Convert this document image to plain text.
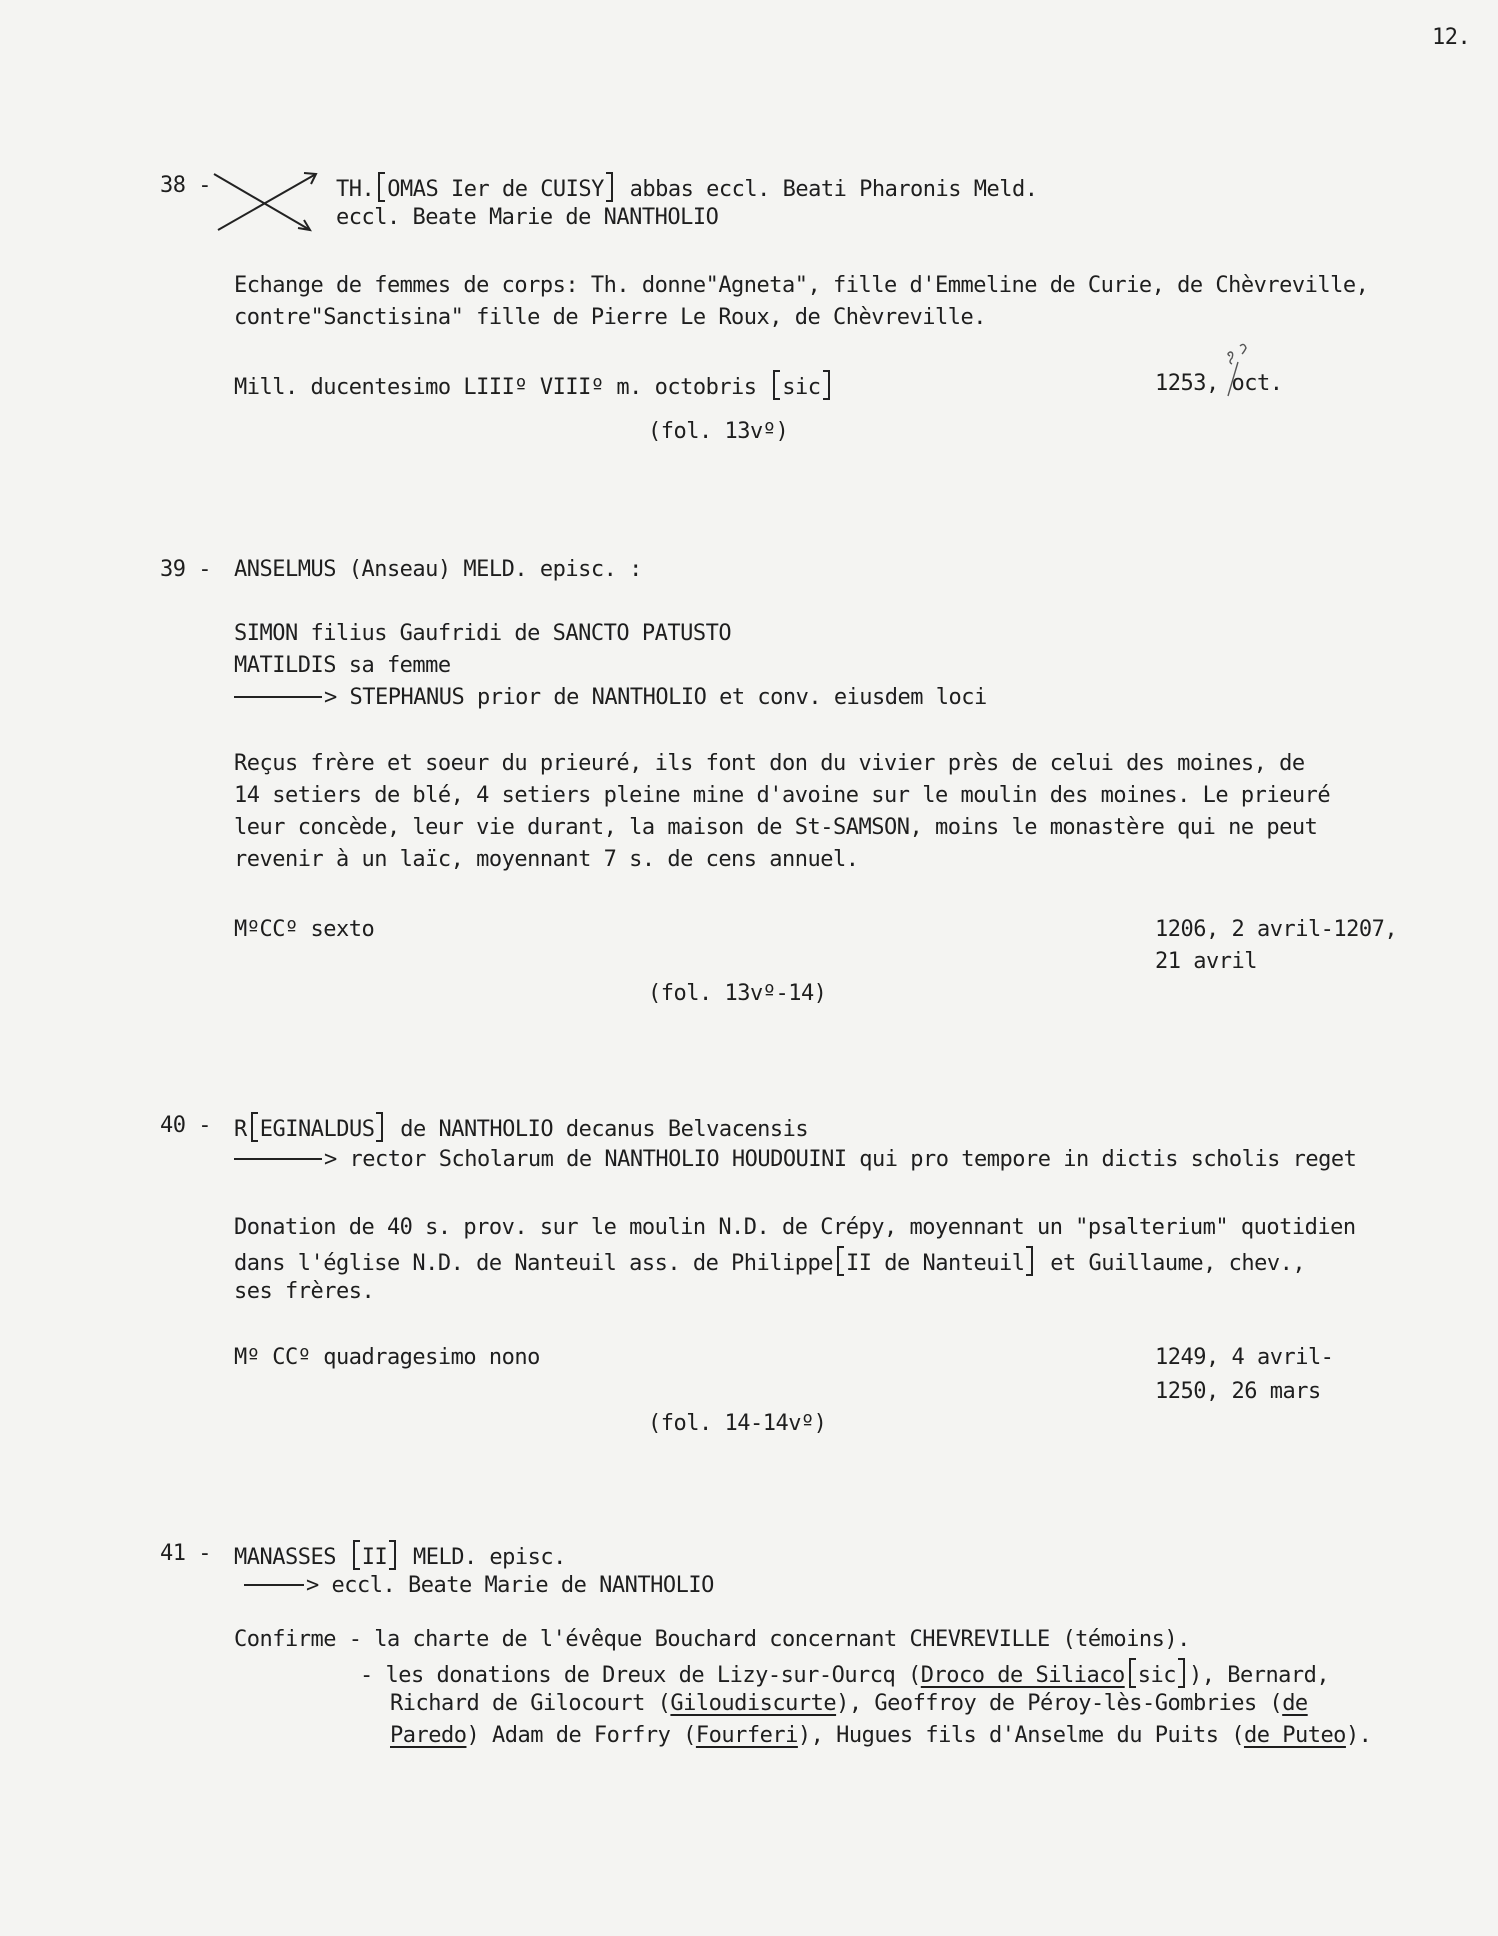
12.
38 -	TH. OMAS Ier de CUISY abbas eccl. Beati Pharonis Meld.
eccl. Beate Marie de NANTHOLIO
Echange de femmes de corps: Th. donne"Agneta", fille d'Emmeline de Curie, de Chèvreville,
contre"Sanctisina" fille de Pierre Le Roux, de Chèvreville.
Mill. ducentesimo LIIIº VIIIº m. octobris sic	1253, oct.
(fol. 13vº)
39 - ANSELMUS (Anseau) MELD. episc. :
SIMON filius Gaufridi de SANCTO PATUSTO
MATILDIS sa femme
> STEPHANUS prior de NANTHOLIO et conv. eiusdem loci
Reçus frère et soeur du prieuré, ils font don du vivier près de celui des moines, de
14 setiers de blé, 4 setiers pleine mine d'avoine sur le moulin des moines. Le prieuré
leur concède, leur vie durant, la maison de St-SAMSON, moins le monastère qui ne peut
revenir à un laïc, moyennant 7 s. de cens annuel.
MºCCº sexto	1206, 2 avril-1207,
21 avril
(fol. 13vº-14)
40 - R EGINALDUS de NANTHOLIO decanus Belvacensis
> rector Scholarum de NANTHOLIO HOUDOUINI qui pro tempore in dictis scholis reget
Donation de 40 s. prov. sur le moulin N.D. de Crépy, moyennant un "psalterium" quotidien
dans l'église N.D. de Nanteuil ass. de Philippe II de Nanteuil et Guillaume, chev.,
ses frères.
Mº CCº quadragesimo nono	1249, 4 avril-
1250, 26 mars
(fol. 14-14vº)
41 - MANASSES II MELD. episc.
> eccl. Beate Marie de NANTHOLIO
Confirme - la charte de l'évêque Bouchard concernant CHEVREVILLE (témoins).
- les donations de Dreux de Lizy-sur-Ourcq (Droco de Siliaco sic ), Bernard,
Richard de Gilocourt (Giloudiscurte), Geoffroy de Péroy-lès-Gombries (de
Paredo) Adam de Forfry (Fourferi), Hugues fils d'Anselme du Puits (de Puteo).
